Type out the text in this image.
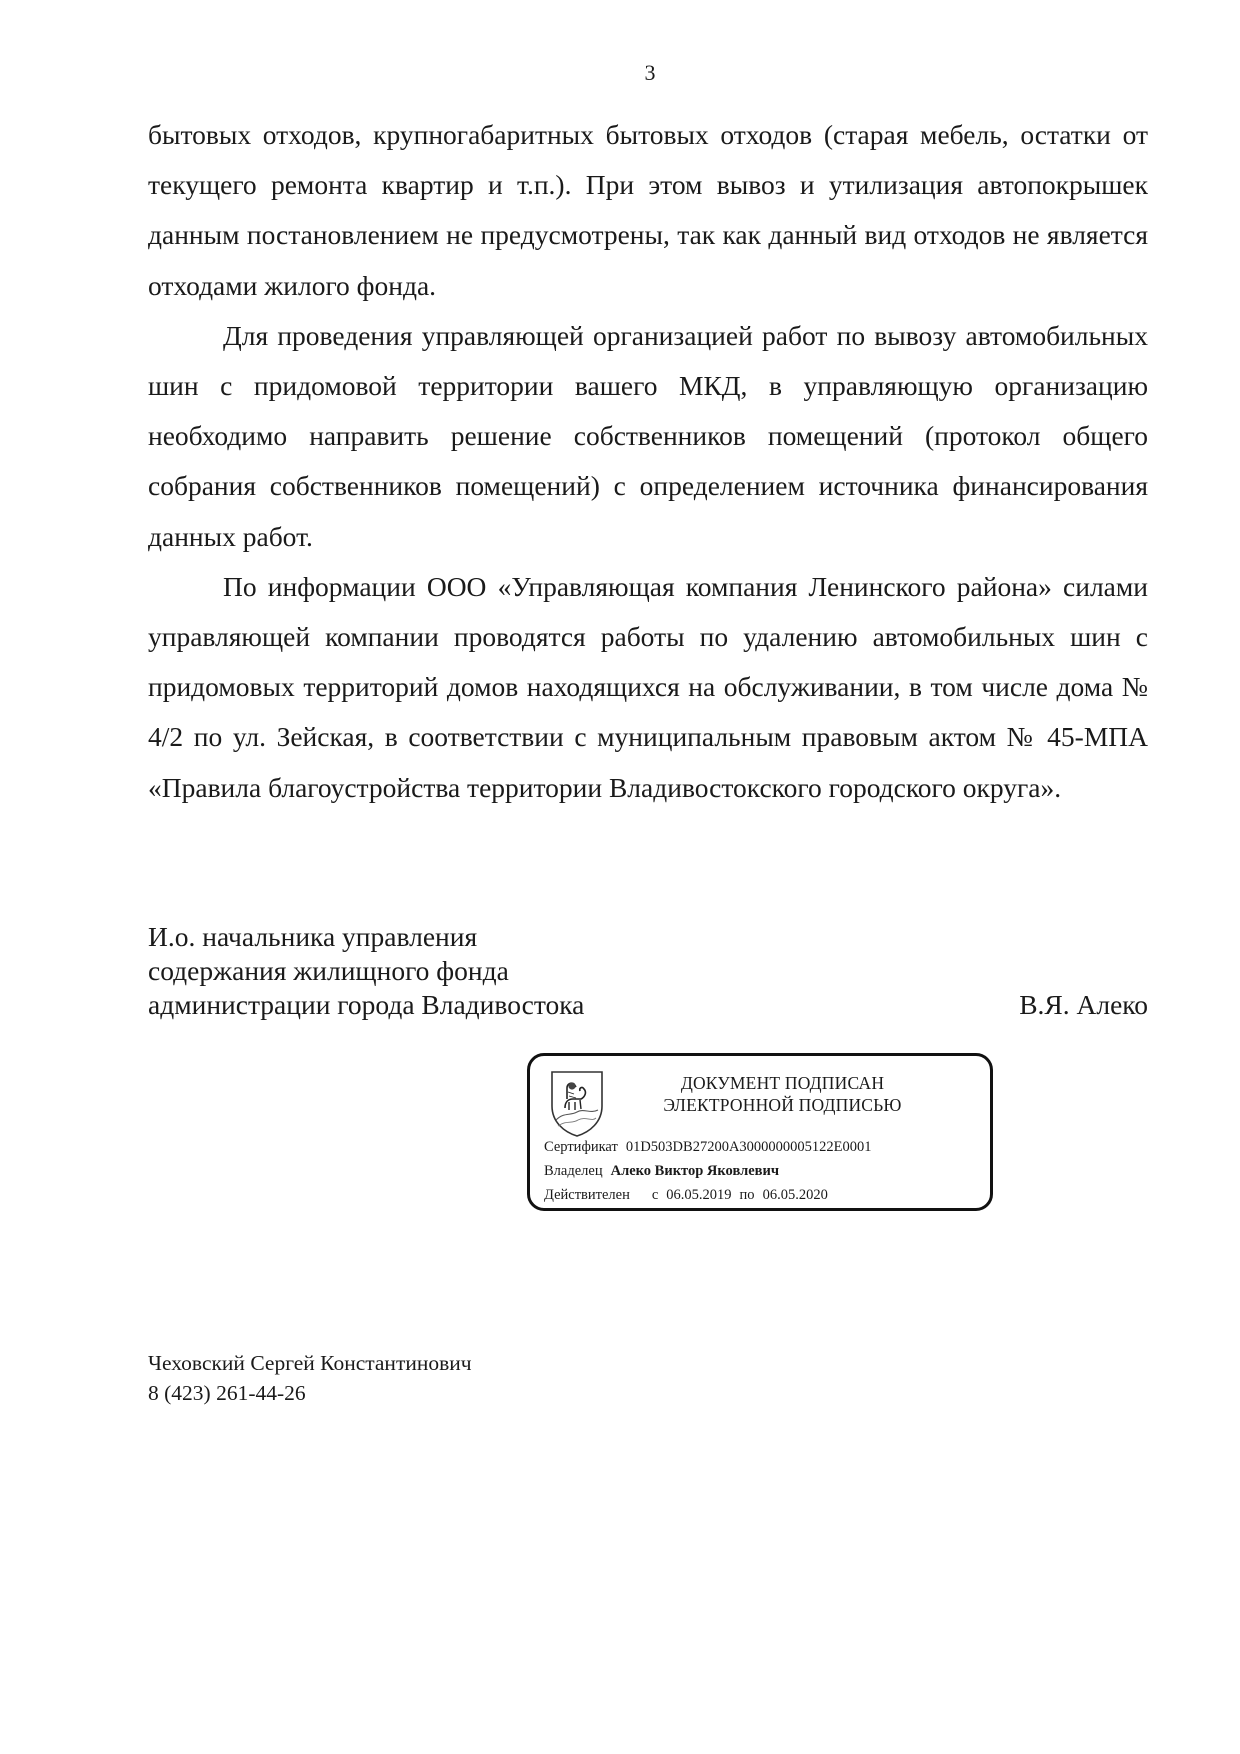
3

бытовых отходов, крупногабаритных бытовых отходов (старая мебель, остатки от текущего ремонта квартир и т.п.). При этом вывоз и утилизация автопокрышек данным постановлением не предусмотрены, так как данный вид отходов не является отходами жилого фонда.

Для проведения управляющей организацией работ по вывозу автомобильных шин с придомовой территории вашего МКД, в управляющую организацию необходимо направить решение собственников помещений (протокол общего собрания собственников помещений) с определением источника финансирования данных работ.

По информации ООО «Управляющая компания Ленинского района» силами управляющей компании проводятся работы по удалению автомобильных шин с придомовых территорий домов находящихся на обслуживании, в том числе дома № 4/2 по ул. Зейская, в соответствии с муниципальным правовым актом № 45-МПА «Правила благоустройства территории Владивостокского городского округа».

И.о. начальника управления
содержания жилищного фонда
администрации города Владивостока	В.Я. Алеко
ДОКУМЕНТ ПОДПИСАН
ЭЛЕКТРОННОЙ ПОДПИСЬЮ
Сертификат 01D503DB27200A3000000005122E0001
Владелец Алеко Виктор Яковлевич
Действителен с 06.05.2019 по 06.05.2020
Чеховский Сергей Константинович
8 (423) 261-44-26
